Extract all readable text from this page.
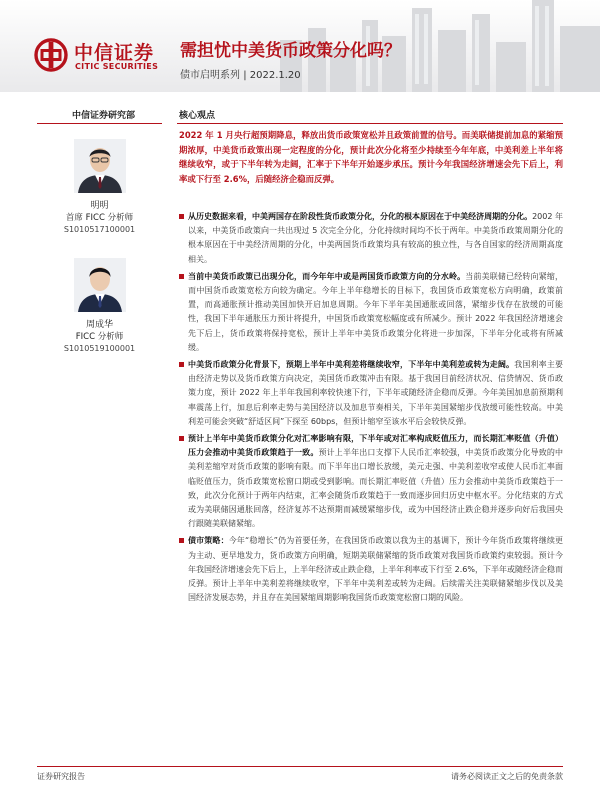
中信证券
CITIC SECURITIES
需担忧中美货币政策分化吗？
债市启明系列 | 2022.1.20
中信证券研究部	核心观点
明明
首席 FICC 分析师
S1010517100001
周成华
FICC 分析师
S1010519100001
2022 年 1 月央行超预期降息，释放出货币政策宽松并且政策前置的信号。而美联储提前加息的紧缩预期浓厚，中美货币政策出现一定程度的分化，预计此次分化将至少持续至今年年底，中美利差上半年将继续收窄，或于下半年转为走阔，汇率于下半年开始逐步承压。预计今年我国经济增速会先下后上，利率或下行至 2.6%，后随经济企稳而反弹。
从历史数据来看，中美两国存在阶段性货币政策分化，分化的根本原因在于中美经济周期的分化。2002 年以来，中美货币政策向一共出现过 5 次完全分化，分化持续时间均不长于两年。中美货币政策周期分化的根本原因在于中美经济周期的分化，中美两国货币政策均具有较高的独立性，与各自国家的经济周期高度相关。
当前中美货币政策已出现分化，而今年年中或是两国货币政策方向的分水岭。当前美联储已经转向紧缩，而中国货币政策宽松方向较为确定。今年上半年稳增长的目标下，我国货币政策宽松方向明确，政策前置，而高通胀预计推动美国加快开启加息周期。今年下半年美国通胀或回落，紧缩步伐存在放缓的可能性，我国下半年通胀压力预计将提升，中国货币政策宽松幅度或有所减少。预计 2022 年我国经济增速会先下后上，货币政策将保持宽松，预计上半年中美货币政策分化将进一步加深，下半年分化或将有所减缓。
中美货币政策分化背景下，预期上半年中美利差将继续收窄，下半年中美利差或转为走阔。我国利率主要由经济走势以及货币政策方向决定，美国货币政策冲击有限。基于我国目前经济状况、信贷情况、货币政策力度，预计 2022 年上半年我国利率较快速下行，下半年或随经济企稳而反弹。今年美国加息前预期利率震荡上行，加息后利率走势与美国经济以及加息节奏相关，下半年美国紧缩步伐放缓可能性较高。中美利差可能会突破“舒适区间”下探至 60bps，但预计缩窄至该水平后会较快反弹。
预计上半年中美货币政策分化对汇率影响有限，下半年或对汇率构成贬值压力，而长期汇率贬值（升值）压力会推动中美货币政策趋于一致。预计上半年出口支撑下人民币汇率较强，中美货币政策分化导致的中美利差缩窄对货币政策的影响有限。而下半年出口增长放缓，美元走强、中美利差收窄或使人民币汇率面临贬值压力，货币政策宽松窗口期或受到影响。而长期汇率贬值（升值）压力会推动中美货币政策趋于一致，此次分化预计于两年内结束，汇率会随货币政策趋于一致而逐步回归历史中枢水平。分化结束的方式或为美联储因通胀回落，经济复苏不达预期而减缓紧缩步伐，或为中国经济止跌企稳并逐步向好后我国央行跟随美联储紧缩。
债市策略：今年“稳增长”仍为首要任务，在我国货币政策以我为主的基调下，预计今年货币政策将继续更为主动、更早地发力，货币政策方向明确，短期美联储紧缩的货币政策对我国货币政策约束较弱。预计今年我国经济增速会先下后上，上半年经济或止跌企稳，上半年利率或下行至 2.6%，下半年或随经济企稳而反弹。预计上半年中美利差将继续收窄，下半年中美利差或转为走阔。后续需关注美联储紧缩步伐以及美国经济发展态势，并且存在美国紧缩周期影响我国货币政策宽松窗口期的风险。
证券研究报告	请务必阅读正文之后的免责条款
